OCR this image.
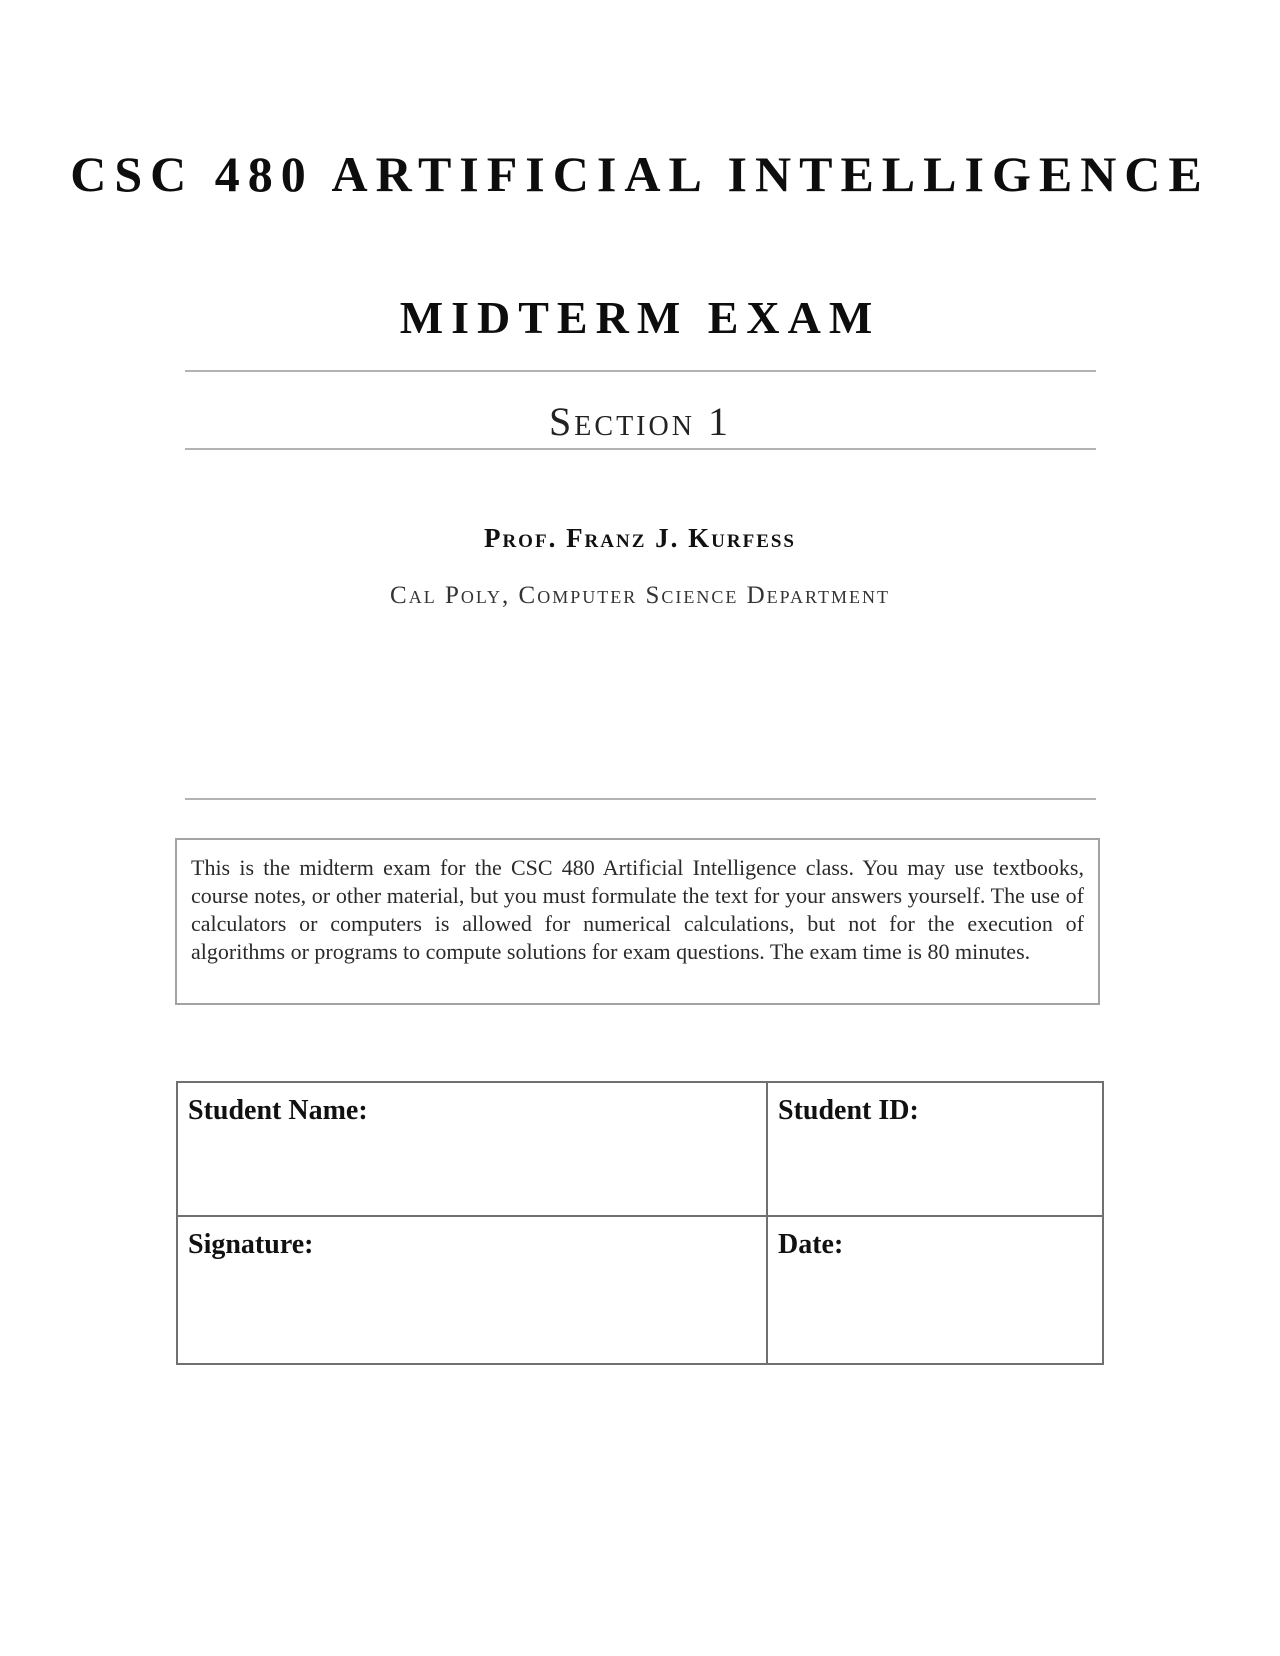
CSC 480 ARTIFICIAL INTELLIGENCE
MIDTERM EXAM
Section 1
Prof. Franz J. Kurfess
Cal Poly, Computer Science Department
This is the midterm exam for the CSC 480 Artificial Intelligence class. You may use textbooks, course notes, or other material, but you must formulate the text for your answers yourself. The use of calculators or computers is allowed for numerical calculations, but not for the execution of algorithms or programs to compute solutions for exam questions. The exam time is 80 minutes.
Student Name:	Student ID:
Signature:	Date:
